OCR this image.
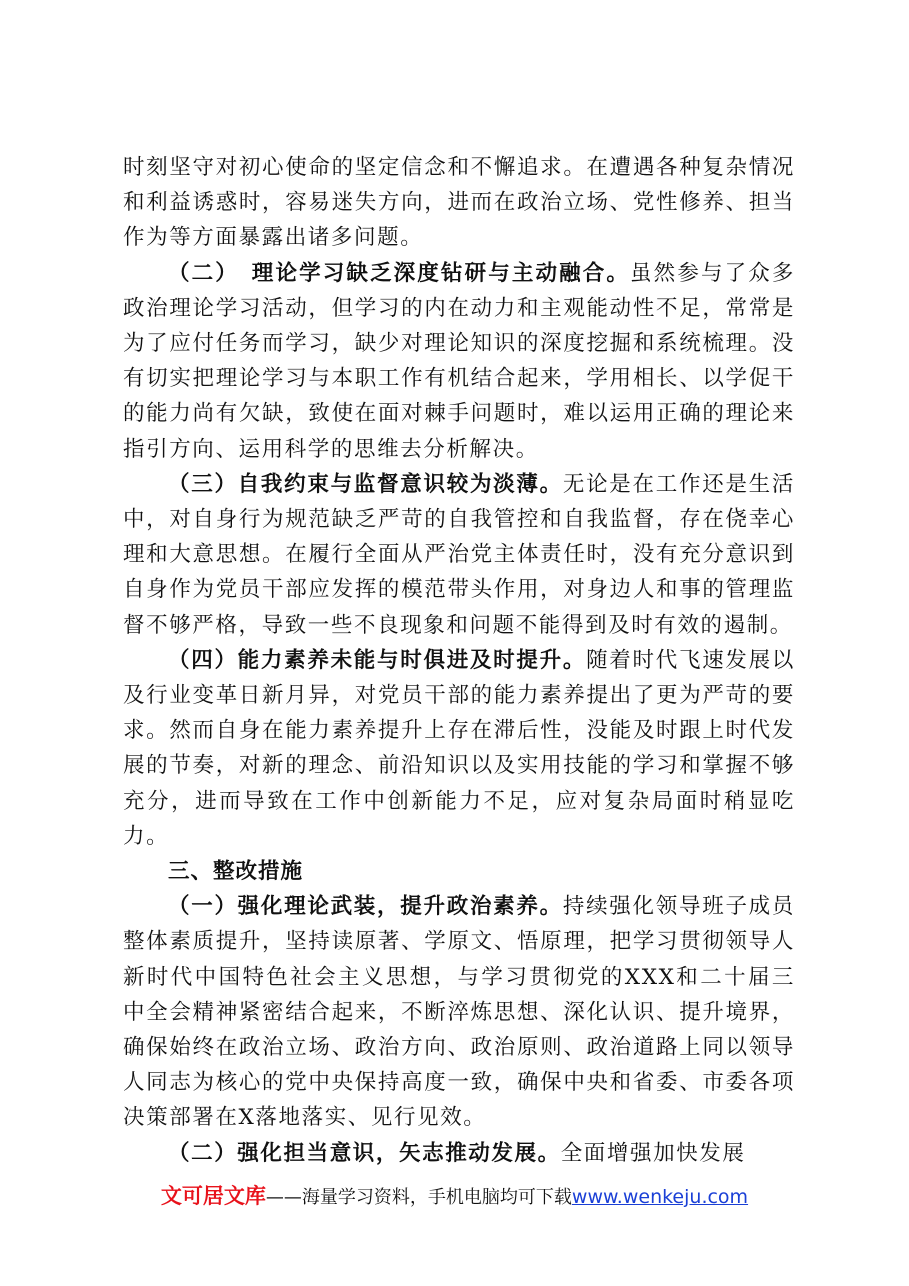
时刻坚守对初心使命的坚定信念和不懈追求。在遭遇各种复杂情况和利益诱惑时，容易迷失方向，进而在政治立场、党性修养、担当作为等方面暴露出诸多问题。

（二）　理论学习缺乏深度钻研与主动融合。虽然参与了众多政治理论学习活动，但学习的内在动力和主观能动性不足，常常是为了应付任务而学习，缺少对理论知识的深度挖掘和系统梳理。没有切实把理论学习与本职工作有机结合起来，学用相长、以学促干的能力尚有欠缺，致使在面对棘手问题时，难以运用正确的理论来指引方向、运用科学的思维去分析解决。

（三）自我约束与监督意识较为淡薄。无论是在工作还是生活中，对自身行为规范缺乏严苛的自我管控和自我监督，存在侥幸心理和大意思想。在履行全面从严治党主体责任时，没有充分意识到自身作为党员干部应发挥的模范带头作用，对身边人和事的管理监督不够严格，导致一些不良现象和问题不能得到及时有效的遏制。

（四）能力素养未能与时俱进及时提升。随着时代飞速发展以及行业变革日新月异，对党员干部的能力素养提出了更为严苛的要求。然而自身在能力素养提升上存在滞后性，没能及时跟上时代发展的节奏，对新的理念、前沿知识以及实用技能的学习和掌握不够充分，进而导致在工作中创新能力不足，应对复杂局面时稍显吃力。

三、整改措施

（一）强化理论武装，提升政治素养。持续强化领导班子成员整体素质提升，坚持读原著、学原文、悟原理，把学习贯彻领导人新时代中国特色社会主义思想，与学习贯彻党的XXX和二十届三中全会精神紧密结合起来，不断淬炼思想、深化认识、提升境界，确保始终在政治立场、政治方向、政治原则、政治道路上同以领导人同志为核心的党中央保持高度一致，确保中央和省委、市委各项决策部署在X落地落实、见行见效。

（二）强化担当意识，矢志推动发展。全面增强加快发展

文可居文库——海量学习资料，手机电脑均可下载www.wenkeju.com
